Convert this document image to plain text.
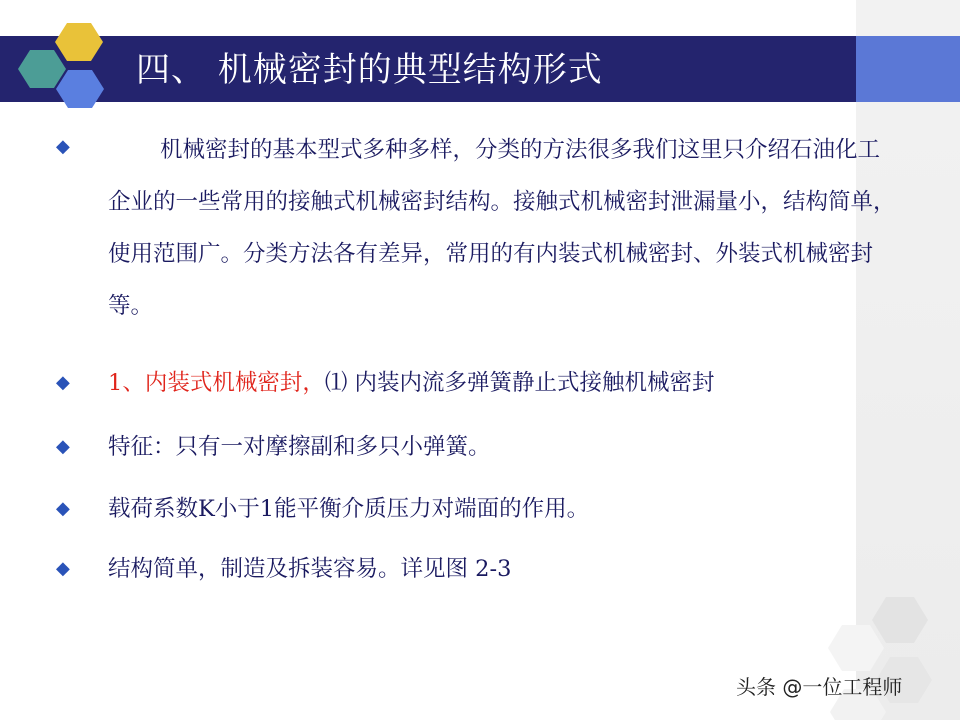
四、 机械密封的典型结构形式
◆	机械密封的基本型式多种多样，分类的方法很多我们这里只介绍石油化工企业的一些常用的接触式机械密封结构。接触式机械密封泄漏量小，结构简单，使用范围广。分类方法各有差异，常用的有内装式机械密封、外装式机械密封等。
◆ 1、内装式机械密封，⑴ 内装内流多弹簧静止式接触机械密封
◆ 特征：只有一对摩擦副和多只小弹簧。
◆ 载荷系数K小于1能平衡介质压力对端面的作用。
◆ 结构简单，制造及拆装容易。详见图 2-3
头条 @一位工程师
